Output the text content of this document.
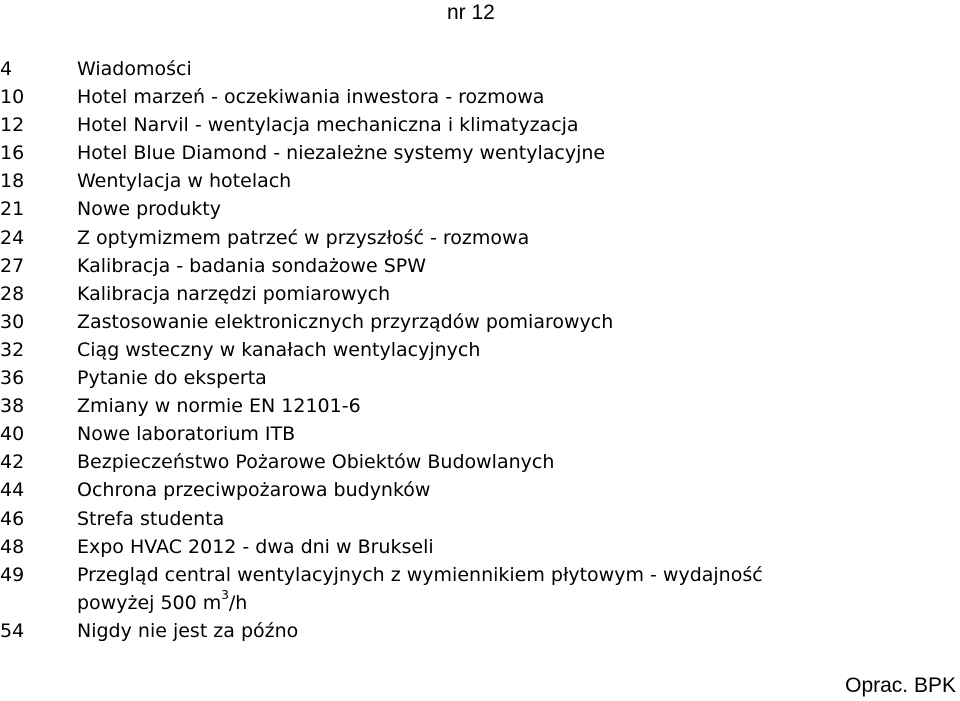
nr 12
4	Wiadomości
10	Hotel marzeń - oczekiwania inwestora - rozmowa
12	Hotel Narvil - wentylacja mechaniczna i klimatyzacja
16	Hotel Blue Diamond - niezależne systemy wentylacyjne
18	Wentylacja w hotelach
21	Nowe produkty
24	Z optymizmem patrzeć w przyszłość - rozmowa
27	Kalibracja - badania sondażowe SPW
28	Kalibracja narzędzi pomiarowych
30	Zastosowanie elektronicznych przyrządów pomiarowych
32	Ciąg wsteczny w kanałach wentylacyjnych
36	Pytanie do eksperta
38	Zmiany w normie EN 12101-6
40	Nowe laboratorium ITB
42	Bezpieczeństwo Pożarowe Obiektów Budowlanych
44	Ochrona przeciwpożarowa budynków
46	Strefa studenta
48	Expo HVAC 2012 - dwa dni w Brukseli
49	Przegląd central wentylacyjnych z wymiennikiem płytowym - wydajność
powyżej 500 $m^3/h$
54	Nigdy nie jest za późno
Oprac. BPK
